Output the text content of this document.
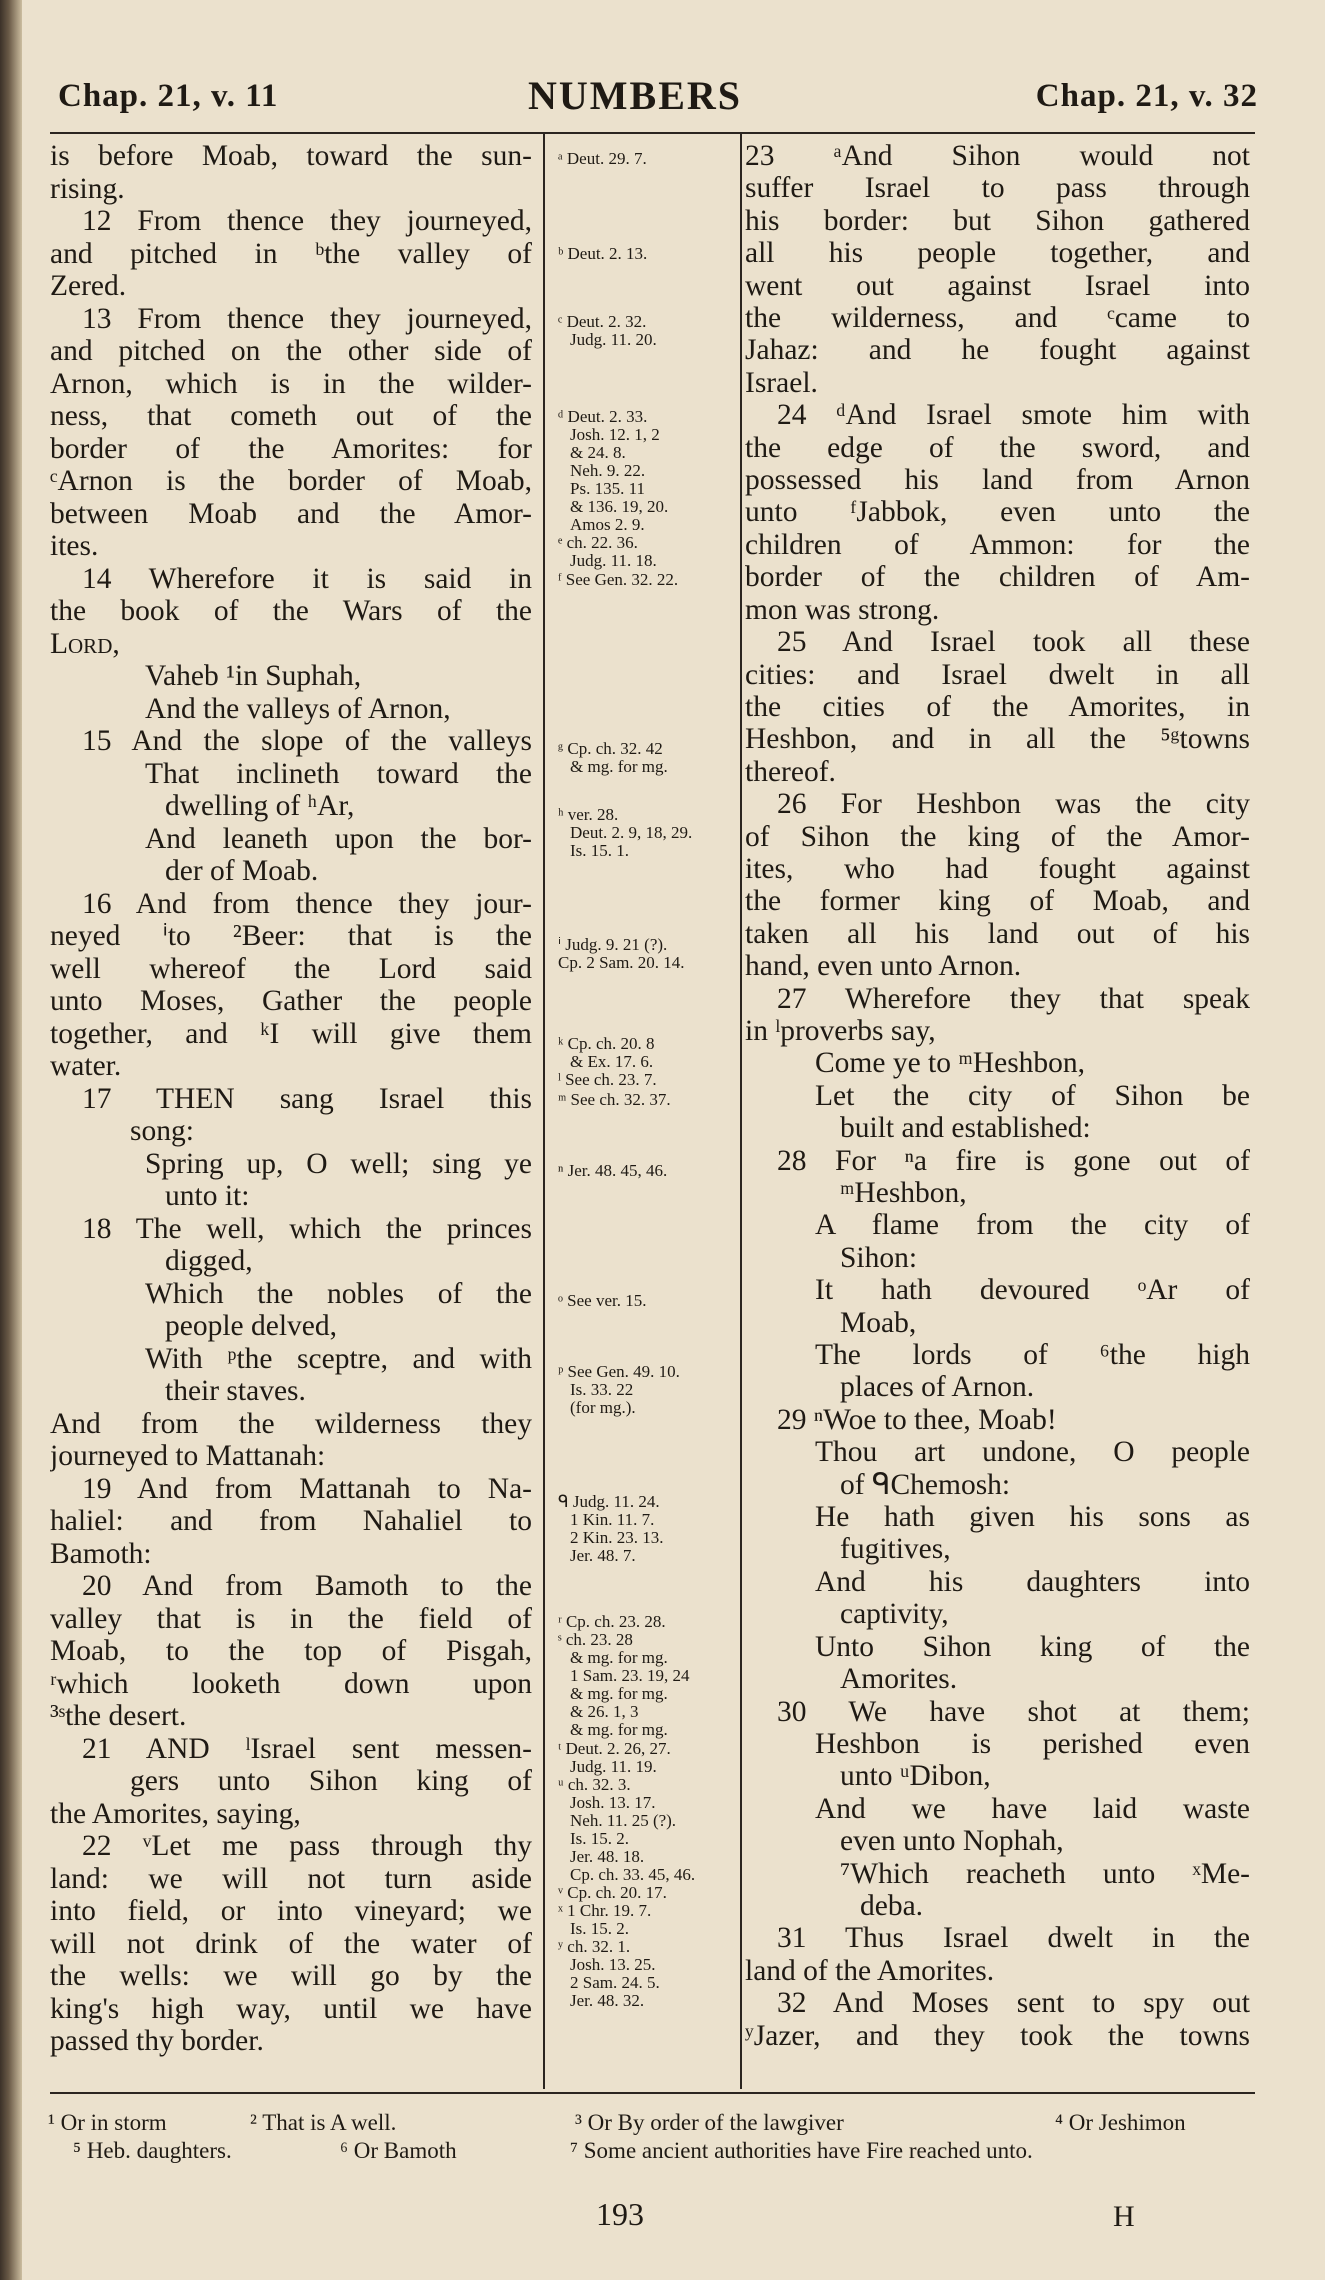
Chap. 21, v. 11	NUMBERS	Chap. 21, v. 32
is before Moab, toward the sun-
rising.
12 From thence they journeyed,
and pitched in ᵇthe valley of
Zered.
13 From thence they journeyed,
and pitched on the other side of
Arnon, which is in the wilder-
ness, that cometh out of the
border of the Amorites: for
ᶜArnon is the border of Moab,
between Moab and the Amor-
ites.
14 Wherefore it is said in
the book of the Wars of the
Lord,
Vaheb ¹in Suphah,
And the valleys of Arnon,
15 And the slope of the valleys
That inclineth toward the
dwelling of ʰAr,
And leaneth upon the bor-
der of Moab.
16 And from thence they jour-
neyed ⁱto ²Beer: that is the
well whereof the Lord said
unto Moses, Gather the people
together, and ᵏI will give them
water.
17 THEN sang Israel this
song:
Spring up, O well; sing ye
unto it:
18 The well, which the princes
digged,
Which the nobles of the
people delved,
With ᵖthe sceptre, and with
their staves.
And from the wilderness they
journeyed to Mattanah:
19 And from Mattanah to Na-
haliel: and from Nahaliel to
Bamoth:
20 And from Bamoth to the
valley that is in the field of
Moab, to the top of Pisgah,
ʳwhich looketh down upon
³ˢthe desert.
21 AND ˡIsrael sent messen-
gers unto Sihon king of
the Amorites, saying,
22 ᵛLet me pass through thy
land: we will not turn aside
into field, or into vineyard; we
will not drink of the water of
the wells: we will go by the
king's high way, until we have
passed thy border.
ᵃ Deut. 29. 7.
ᵇ Deut. 2. 13.
ᶜ Deut. 2. 32.
Judg. 11. 20.
ᵈ Deut. 2. 33.
Josh. 12. 1, 2
& 24. 8.
Neh. 9. 22.
Ps. 135. 11
& 136. 19, 20.
Amos 2. 9.
ᵉ ch. 22. 36.
Judg. 11. 18.
ᶠ See Gen. 32. 22.
ᵍ Cp. ch. 32. 42
& mg. for mg.
ʰ ver. 28.
Deut. 2. 9, 18, 29.
Is. 15. 1.
ⁱ Judg. 9. 21 (?).
Cp. 2 Sam. 20. 14.
ᵏ Cp. ch. 20. 8
& Ex. 17. 6.
ˡ See ch. 23. 7.
ᵐ See ch. 32. 37.
ⁿ Jer. 48. 45, 46.
ᵒ See ver. 15.
ᵖ See Gen. 49. 10.
Is. 33. 22
(for mg.).
ᑫ Judg. 11. 24.
1 Kin. 11. 7.
2 Kin. 23. 13.
Jer. 48. 7.
ʳ Cp. ch. 23. 28.
ˢ ch. 23. 28
& mg. for mg.
1 Sam. 23. 19, 24
& mg. for mg.
& 26. 1, 3
& mg. for mg.
ᵗ Deut. 2. 26, 27.
Judg. 11. 19.
ᵘ ch. 32. 3.
Josh. 13. 17.
Neh. 11. 25 (?).
Is. 15. 2.
Jer. 48. 18.
Cp. ch. 33. 45, 46.
ᵛ Cp. ch. 20. 17.
ˣ 1 Chr. 19. 7.
Is. 15. 2.
ʸ ch. 32. 1.
Josh. 13. 25.
2 Sam. 24. 5.
Jer. 48. 32.
23 ᵃAnd Sihon would not
suffer Israel to pass through
his border: but Sihon gathered
all his people together, and
went out against Israel into
the wilderness, and ᶜcame to
Jahaz: and he fought against
Israel.
24 ᵈAnd Israel smote him with
the edge of the sword, and
possessed his land from Arnon
unto ᶠJabbok, even unto the
children of Ammon: for the
border of the children of Am-
mon was strong.
25 And Israel took all these
cities: and Israel dwelt in all
the cities of the Amorites, in
Heshbon, and in all the ⁵ᵍtowns
thereof.
26 For Heshbon was the city
of Sihon the king of the Amor-
ites, who had fought against
the former king of Moab, and
taken all his land out of his
hand, even unto Arnon.
27 Wherefore they that speak
in ˡproverbs say,
Come ye to ᵐHeshbon,
Let the city of Sihon be
built and established:
28 For ⁿa fire is gone out of
ᵐHeshbon,
A flame from the city of
Sihon:
It hath devoured ᵒAr of
Moab,
The lords of ⁶the high
places of Arnon.
29 ⁿWoe to thee, Moab!
Thou art undone, O people
of ᑫChemosh:
He hath given his sons as
fugitives,
And his daughters into
captivity,
Unto Sihon king of the
Amorites.
30 We have shot at them;
Heshbon is perished even
unto ᵘDibon,
And we have laid waste
even unto Nophah,
⁷Which reacheth unto ˣMe-
deba.
31 Thus Israel dwelt in the
land of the Amorites.
32 And Moses sent to spy out
ʸJazer, and they took the towns
¹ Or in storm	² That is A well.	³ Or By order of the lawgiver	⁴ Or Jeshimon
⁵ Heb. daughters.	⁶ Or Bamoth	⁷ Some ancient authorities have Fire reached unto.
193	H
